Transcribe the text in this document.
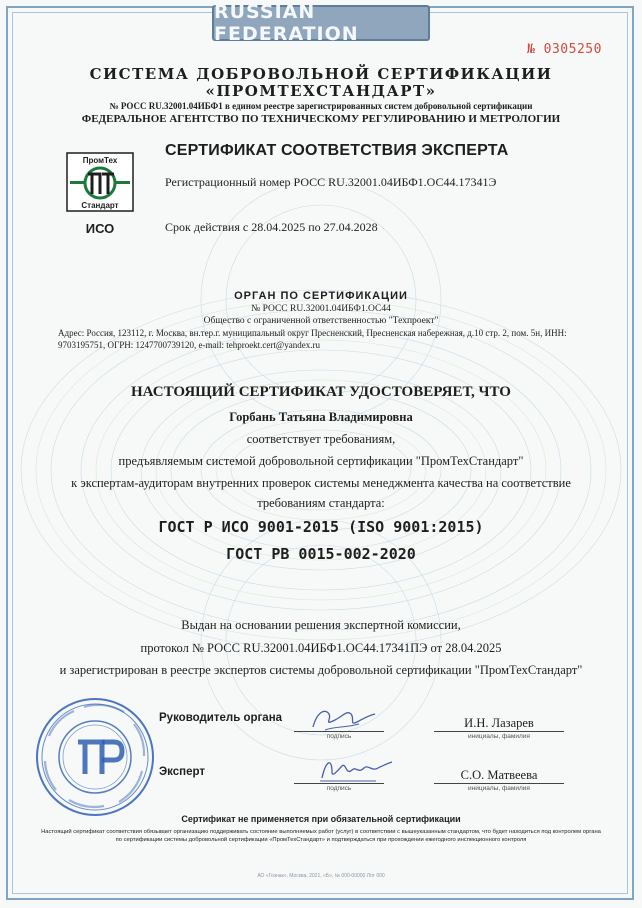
RUSSIAN FEDERATION
№ 0305250
СИСТЕМА ДОБРОВОЛЬНОЙ СЕРТИФИКАЦИИ
«ПРОМТЕХСТАНДАРТ»
№ РОСС RU.32001.04ИБФ1 в едином реестре зарегистрированных систем добровольной сертификации
ФЕДЕРАЛЬНОЕ АГЕНТСТВО ПО ТЕХНИЧЕСКОМУ РЕГУЛИРОВАНИЮ И МЕТРОЛОГИИ
ПромТех
Стандарт
ИСО
СЕРТИФИКАТ СООТВЕТСТВИЯ ЭКСПЕРТА
Регистрационный номер РОСС RU.32001.04ИБФ1.ОС44.17341Э
Срок действия с 28.04.2025 по 27.04.2028
ОРГАН ПО СЕРТИФИКАЦИИ
№ РОСС RU.32001.04ИБФ1.ОС44
Общество с ограниченной ответственностью "Техпроект"
Адрес: Россия, 123112, г. Москва, вн.тер.г. муниципальный округ Пресненский, Пресненская набережная, д.10 стр. 2, пом. 5н, ИНН: 9703195751, ОГРН: 1247700739120, e-mail: tehproekt.cert@yandex.ru
НАСТОЯЩИЙ СЕРТИФИКАТ УДОСТОВЕРЯЕТ, ЧТО
Горбань Татьяна Владимировна
соответствует требованиям,
предъявляемым системой добровольной сертификации "ПромТехСтандарт"
к экспертам-аудиторам внутренних проверок системы менеджмента качества на соответствие
требованиям стандарта:
ГОСТ Р ИСО 9001-2015 (ISO 9001:2015)
ГОСТ РВ 0015-002-2020
Выдан на основании решения экспертной комиссии,
протокол № РОСС RU.32001.04ИБФ1.ОС44.17341ПЭ от 28.04.2025
и зарегистрирован в реестре экспертов системы добровольной сертификации "ПромТехСтандарт"
Руководитель органа
Эксперт
подпись	инициалы, фамилия
И.Н. Лазарев
подпись	инициалы, фамилия
С.О. Матвеева
Сертификат не применяется при обязательной сертификации
Настоящий сертификат соответствия обязывает организацию поддерживать состояние выполняемых работ (услуг) в соответствии с вышеуказанным стандартом, что будет находиться под контролем органа по сертификации системы добровольной сертификации «ПромТехСтандарт» и подтверждаться при прохождении ежегодного инспекционного контроля
АО «Гознак», Москва, 2021, «Б», № 000-00000 Лот 000
